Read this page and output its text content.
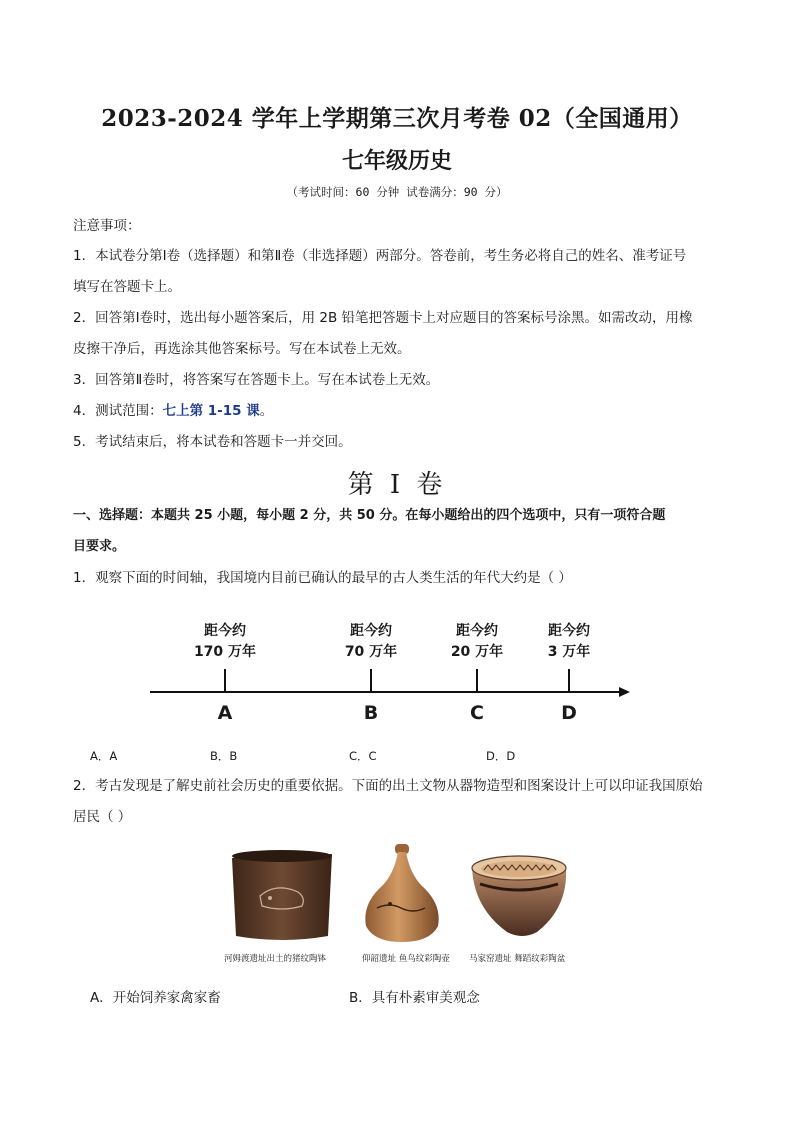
2023-2024 学年上学期第三次月考卷 02（全国通用）
七年级历史
（考试时间：60 分钟 试卷满分：90 分）
注意事项：
1．本试卷分第Ⅰ卷（选择题）和第Ⅱ卷（非选择题）两部分。答卷前，考生务必将自己的姓名、准考证号
填写在答题卡上。
2．回答第Ⅰ卷时，选出每小题答案后，用 2B 铅笔把答题卡上对应题目的答案标号涂黑。如需改动，用橡
皮擦干净后，再选涂其他答案标号。写在本试卷上无效。
3．回答第Ⅱ卷时，将答案写在答题卡上。写在本试卷上无效。
4．测试范围：七上第 1-15 课。
5．考试结束后，将本试卷和答题卡一并交回。
第 I 卷
一、选择题：本题共 25 小题，每小题 2 分，共 50 分。在每小题给出的四个选项中，只有一项符合题
目要求。
1．观察下面的时间轴，我国境内目前已确认的最早的古人类生活的年代大约是（ ）
距今约
170 万年
距今约
70 万年
距今约
20 万年
距今约
3 万年
A	B	C	D
A．A	B．B	C．C	D．D
2．考古发现是了解史前社会历史的重要依据。下面的出土文物从器物造型和图案设计上可以印证我国原始
居民（ ）
河姆渡遗址出土的猪纹陶钵	仰韶遗址 鱼鸟纹彩陶壶 马家窑遗址 舞蹈纹彩陶盆
A．开始饲养家禽家畜	B．具有朴素审美观念
